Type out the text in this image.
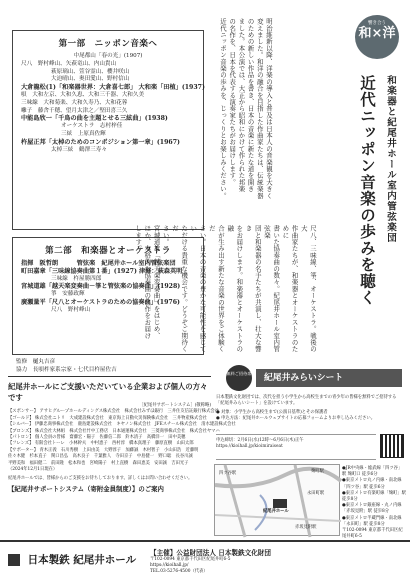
第一部　ニッポン音楽へ
中尾都山「春の光」(1907)
尺八　野村峰山、矢萩竜山、内山貴山
萩原璃山、萱谷霊山、櫻井咲山
大迫晴山、奥田愛山、野村信山
大倉龍松(1)「和楽器世界：大倉喜七郎」 大和楽「田植」(1937)
唄　大和左京、大和久恵、大和三千器、大和久美
三味線　大和菊楽、大和久寿乃、大和花蓉
囃子　藤舎千穂、望月太津之／堅田喜三久
中能島欣一「千鳥の曲を主題とせる三絃曲」(1938)
オーケストラ　志村梓佳
三絃　上原真佐輝
杵屋正邦「太棹のためのコンポジション第一章」(1967)
太棹三絃　鶴澤三寿々
第二部　和楽器とオーケストラ
指揮　阪哲朗　　　管弦楽　紀尾井ホール室内管弦楽団
町田嘉章「三味線協奏曲第１番」(1927) 津軽：萩森英明
三味線　杵屋勝四郎
宮城道雄「越天楽変奏曲－箏と管弦楽の協奏曲」(1928)
箏　安藤政輝
廣瀬量平「尺八とオーケストラのための協奏曲」(1976)
尺八　野村峰山
監修　樋丸吉彦
協力　長唄杵家系宗家・七代目杵屋佐吉
明治維新以降、洋楽の導入と普及は日本人の音楽観を大きく
変えました。和洋の融合を目指した作曲家たちは、伝統楽器
のための新しい作品を書き、日本の音楽に新たな道を開き
ました。本公演では、大正から昭和にかけて作られた邦楽
の名作を、日本を代表する演奏家たちがお届けします。
近代ニッポン音楽の歩みを、じっくりとお楽しみください。
尺八、三味線、箏、オーケストラ。戦後の大
作曲家たちが、和楽器とオーケストラのために
書いた協奏曲の数々。紀尾井ホール室内管弦楽
団と和楽器の名手たちが共演し、壮大な響き
をお届けします。和楽器とオーケストラの融
合が生み出す新たな音楽の世界をご体験くだ
さい。日本の音楽の豊かな可能性を感じてい
ただける貴重な機会です。どうぞご期待くだ
さい。
宮城道雄「越天楽変奏曲」をはじめ、
ほか、本格的な協奏曲の名作をお届け
します。
響き合う
和×洋
和楽器と紀尾井ホール室内管弦楽団
近代ニッポン音楽の歩みを聴く
紀尾井ホールにご支援いただいている企業および個人の方々です
［紀尾井サポートシステム］(敬称略)
【スポンサー】 アサヒグループホールディングス株式会社　株式会社みずほ銀行　三井住友信託銀行株式会社
【ゴールド】 株式会社ニトリ　大成建設株式会社　東京海上日動火災保険株式会社　三井物産株式会社
【シルバー】 伊藤忠商事株式会社　鹿島建設株式会社　キヤノン株式会社　JFEスチール株式会社　清水建設株式会社
【ブロンズ】 株式会社大林組　株式会社竹中工務店　日本通運株式会社　三菱商事株式会社　株式会社ヤマハ
【パトロン】 個人会員の皆様　齋藤宏・陽子　佐藤信二郎　鈴木清子　高橋洋一　田中美穂
【フレンズ】 有限会社トーレ　小林幹夫　中村恵子　西村淳　橋本真理子　藤原直樹　山田太郎
【サポーター】 青木正義　石川秀樹　上田由美　大野淳子　加藤誠　木村智子　小山田浩　近藤明
佐々木健　杉本直子　関口昌弘　高木良子　千葉雅人　寺田京子　中島健一　野口聡　長谷川誠
平野美和　福田健二　前田隆　松本和也　宮崎陽子　村上直樹　森田恵美　安田誠　吉田光子
（2024年12月1日現在）
紀尾井ホールでは、皆様からのご支援をお待ちしております。詳しくはお問い合わせください。
【紀尾井サポートシステム（寄附金員制度）】のご案内
無料ご招待席	紀尾井みらいシート
日本製鉄文化財団では、次代を担う小学生から高校生までの青少年の皆様を無料でご招待する「紀尾井みらいシート」を設けています。
● 対象：小学生から高校生まで(公演日基準)とその保護者
● 申込方法：紀尾井ホールウェブサイトの応募フォームよりお申し込みください。
申込締切：2月6日(水)12時〜6月6日(木)正午
https://kioihall.jp/kioimiraiseat
四ツ谷駅
赤坂見附駅
永田町駅
麹町駅
紀尾井ホール
●JR中央線・総武線「四ツ谷」駅 麹町口 徒歩6分
●東京メトロ丸ノ内線・南北線「四ツ谷」駅 徒歩6分
●東京メトロ有楽町線「麹町」駅 徒歩8分
●東京メトロ銀座線・丸ノ内線「赤坂見附」駅 徒歩8分
●東京メトロ半蔵門線・南北線「永田町」駅 徒歩8分
〒102-0094 東京都千代田区紀尾井町6-5
日本製鉄 紀尾井ホール
【主催】公益財団法人 日本製鉄文化財団
〒102-0094 東京都千代田区紀尾井町6-5
https://kioihall.jp/
TEL.03-5276-4500（代表）
